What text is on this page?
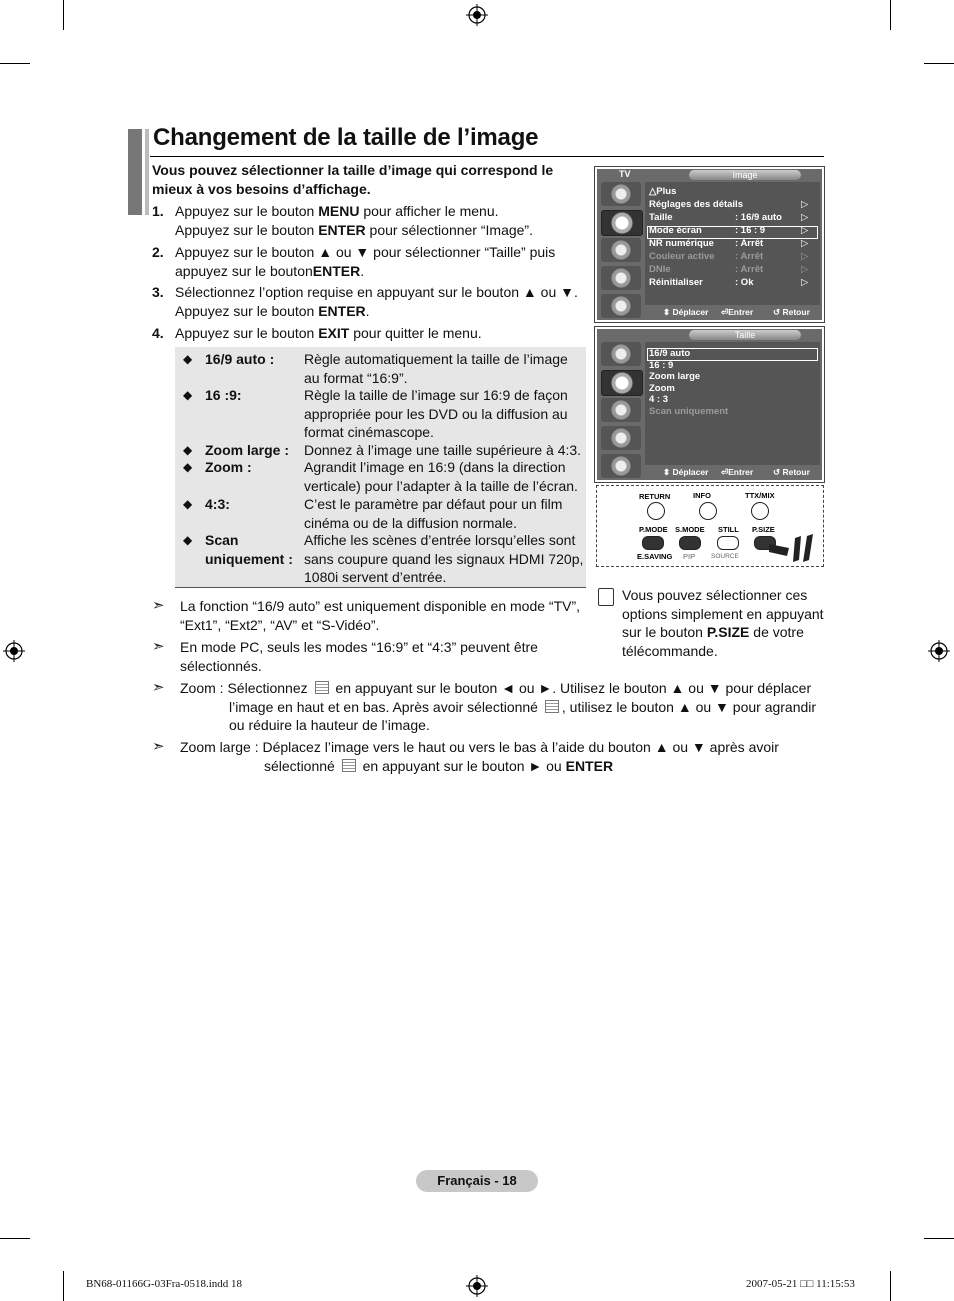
Changement de la taille de l’image
Vous pouvez sélectionner la taille d’image qui correspond le mieux à vos besoins d’affichage.
1. Appuyez sur le bouton MENU pour afficher le menu.
Appuyez sur le bouton ENTER pour sélectionner “Image”.
2. Appuyez sur le bouton ▲ ou ▼ pour sélectionner “Taille” puis appuyez sur le boutonENTER.
3. Sélectionnez l’option requise en appuyant sur le bouton ▲ ou ▼. Appuyez sur le bouton ENTER.
4. Appuyez sur le bouton EXIT pour quitter le menu.
◆ 16/9 auto :	Règle automatiquement la taille de l’image au format “16:9”.
◆ 16 :9:	Règle la taille de l’image sur 16:9 de façon appropriée pour les DVD ou la diffusion au format cinémascope.
◆ Zoom large :	Donnez à l’image une taille supérieure à 4:3.
◆ Zoom :	Agrandit l’image en 16:9 (dans la direction verticale) pour l’adapter à la taille de l’écran.
◆ 4:3:	C’est le paramètre par défaut pour un film cinéma ou de la diffusion normale.
◆ Scan uniquement :
Affiche les scènes d’entrée lorsqu’elles sont sans coupure quand les signaux HDMI 720p, 1080i servent d’entrée.
➣ La fonction “16/9 auto” est uniquement disponible en mode “TV”, “Ext1”, “Ext2”, “AV” et “S-Vidéo”.
➣ En mode PC, seuls les modes “16:9” et “4:3” peuvent être sélectionnés.
➣ Zoom : Sélectionnez en appuyant sur le bouton ◄ ou ►. Utilisez le bouton ▲ ou ▼ pour déplacer
l’image en haut et en bas. Après avoir sélectionné , utilisez le bouton ▲ ou ▼ pour agrandir
ou réduire la hauteur de l’image.
➣ Zoom large : Déplacez l’image vers le haut ou vers le bas à l’aide du bouton ▲ ou ▼ après avoir
sélectionné en appuyant sur le bouton ► ou ENTER
TV	Image
△Plus
Réglages des détails	▷
Taille	: 16/9 auto ▷
Mode écran	: 16 : 9	▷
NR numérique : Arrêt	▷
Couleur active : Arrêt	▷
DNIe	: Arrêt	▷
Réinitialiser	: Ok	▷
⬍ Déplacer ⏎Entrer ↺ Retour
Taille
16/9 auto
16 : 9
Zoom large
Zoom
4 : 3
Scan uniquement
⬍ Déplacer ⏎Entrer ↺ Retour
RETURN	INFO	TTX/MIX
P.MODE S.MODE STILL P.SIZE
E.SAVING PIP SOURCE
Vous pouvez sélectionner ces options simplement en appuyant sur le bouton P.SIZE de votre télécommande.
Français - 18
BN68-01166G-03Fra-0518.indd 18	2007-05-21 □□ 11:15:53
